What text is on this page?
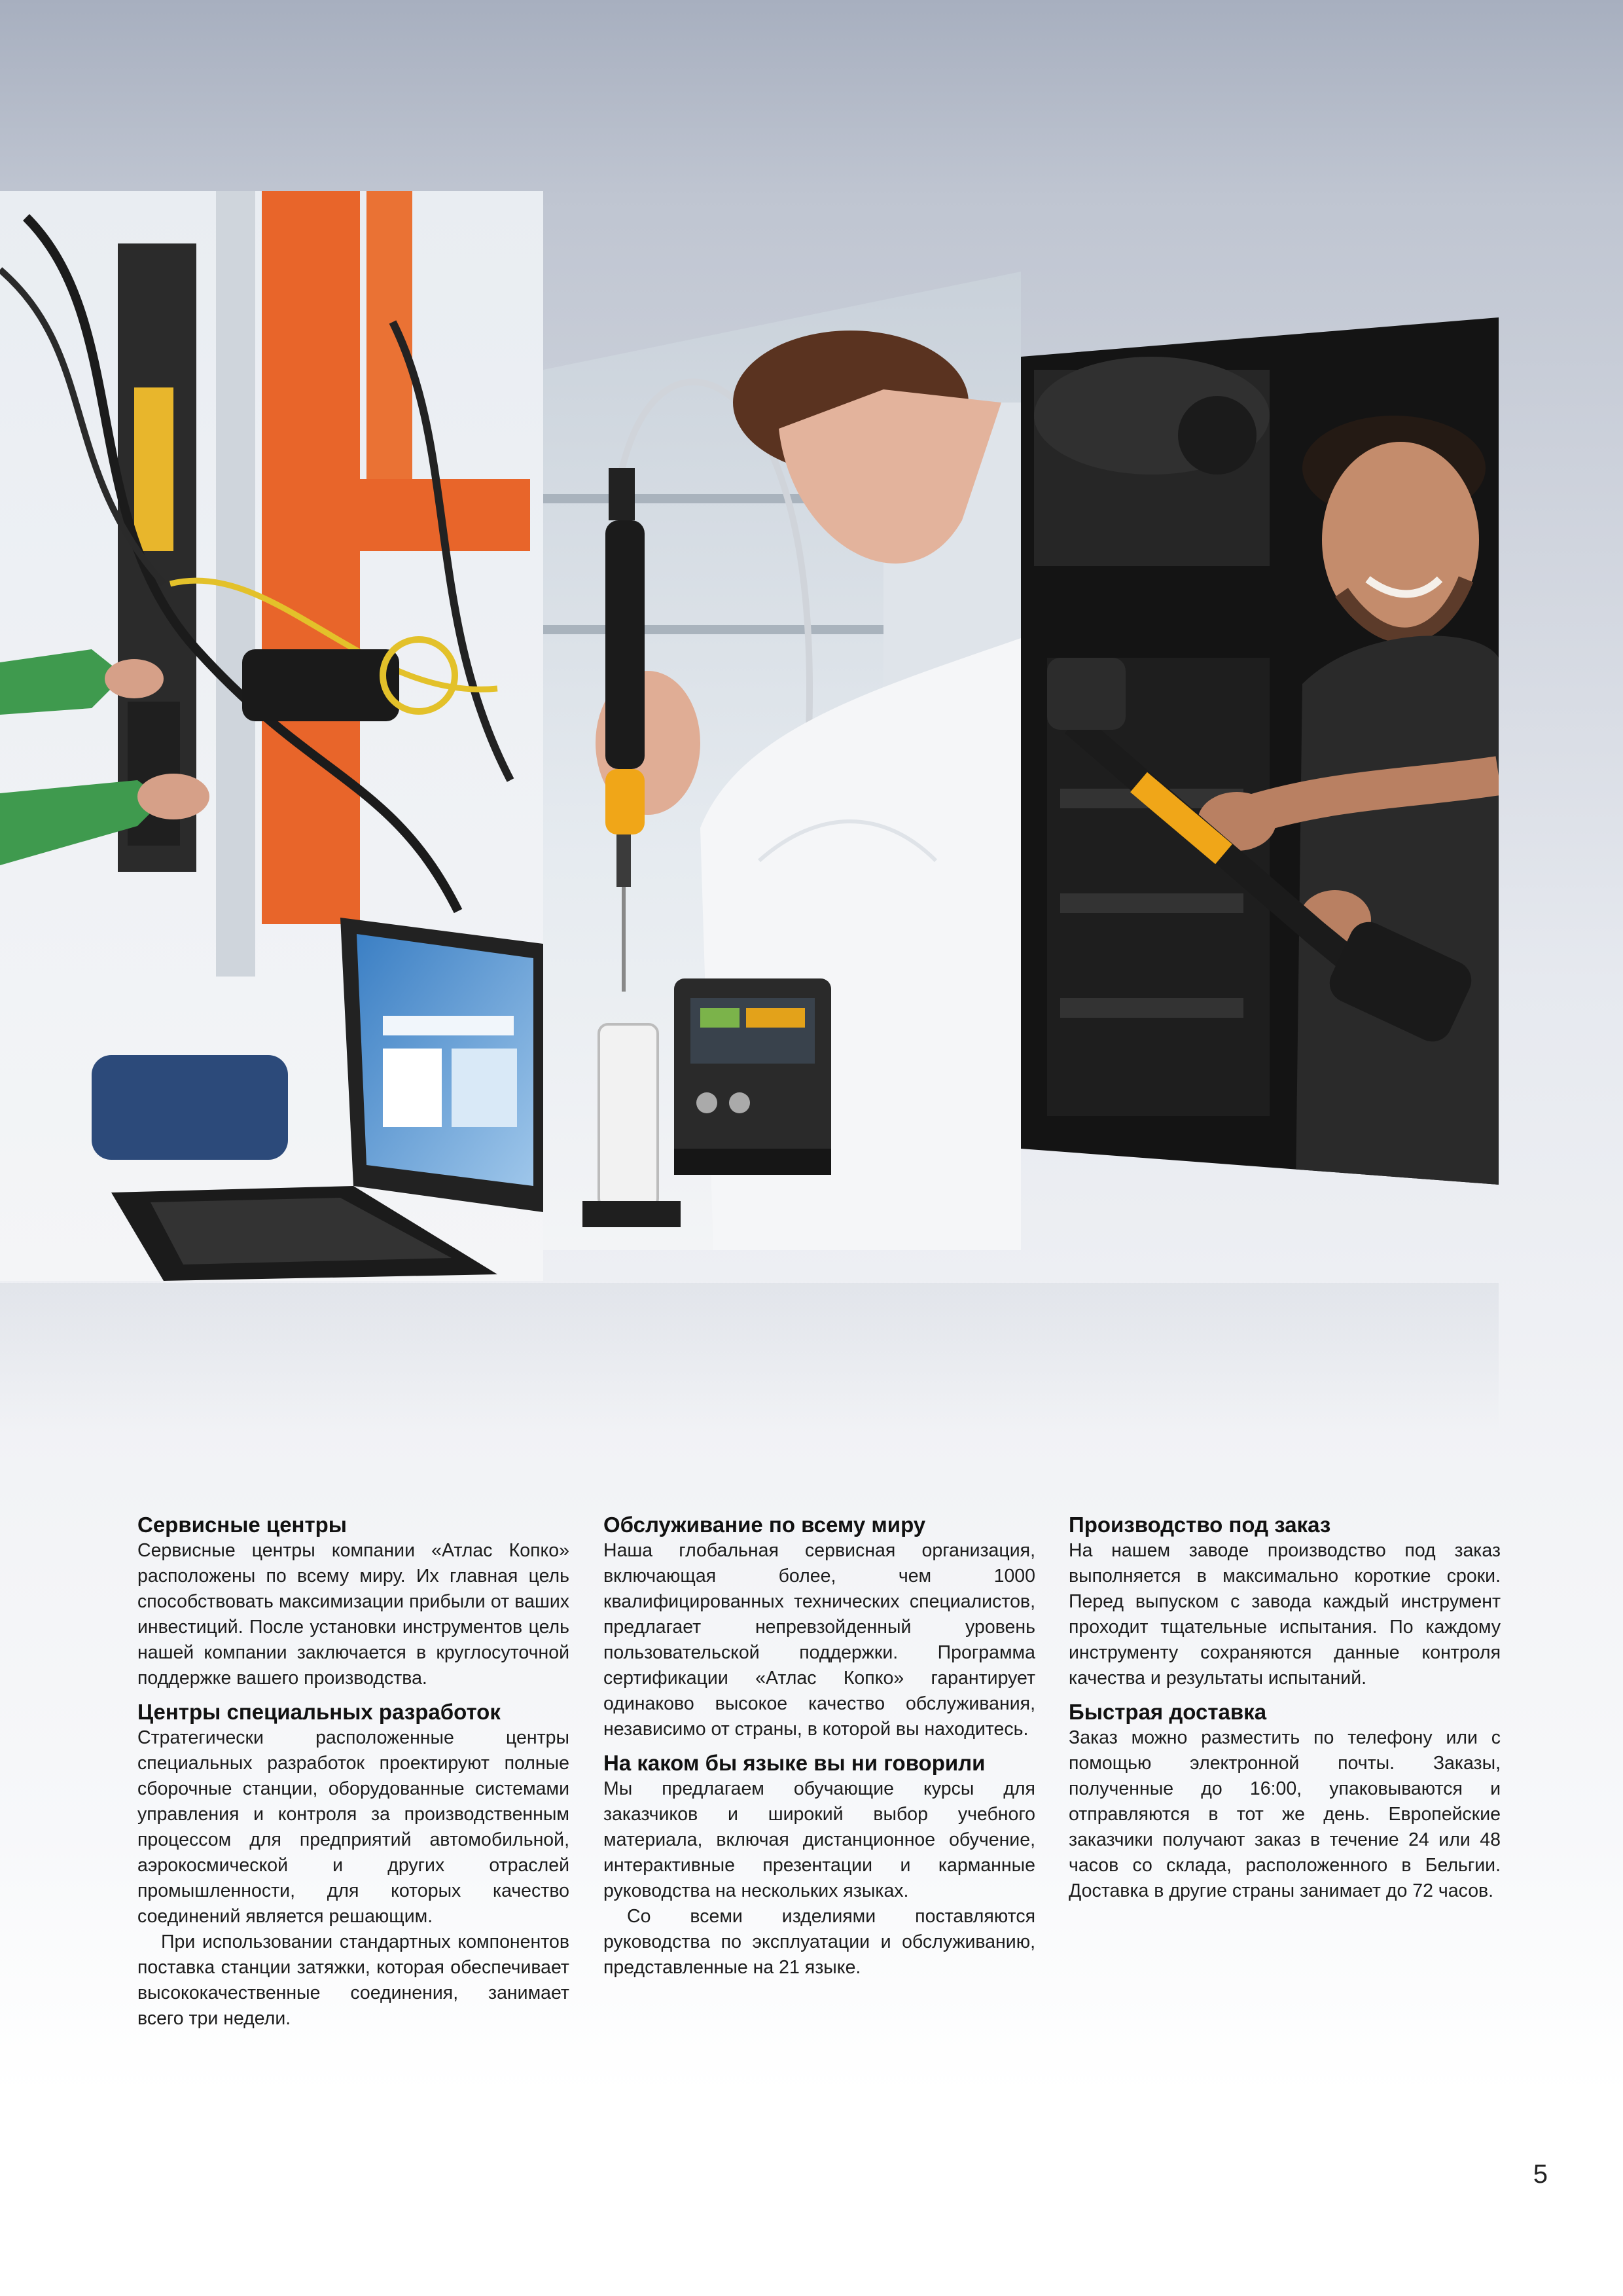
Сервисные центры

Сервисные центры компании «Атлас Копко» расположены по всему миру. Их главная цель способствовать максимизации прибыли от ваших инвестиций. После установки инструментов цель нашей компании заключается в круглосуточной поддержке вашего производства.

Центры специальных разработок

Стратегически расположенные центры специальных разработок проектируют полные сборочные станции, оборудованные системами управления и контроля за производственным процессом для предприятий автомобильной, аэрокосмической и других отраслей промышленности, для которых качество соединений является решающим.

При использовании стандартных компонентов поставка станции затяжки, которая обеспечивает высококачественные соединения, занимает всего три недели.

Обслуживание по всему миру

Наша глобальная сервисная организация, включающая более, чем 1000 квалифицированных технических специалистов, предлагает непревзойденный уровень пользовательской поддержки. Программа сертификации «Атлас Копко» гарантирует одинаково высокое качество обслуживания, независимо от страны, в которой вы находитесь.

На каком бы языке вы ни говорили

Мы предлагаем обучающие курсы для заказчиков и широкий выбор учебного материала, включая дистанционное обучение, интерактивные презентации и карманные руководства на нескольких языках.

Со всеми изделиями поставляются руководства по эксплуатации и обслуживанию, представленные на 21 языке.

Производство под заказ

На нашем заводе производство под заказ выполняется в максимально короткие сроки. Перед выпуском с завода каждый инструмент проходит тщательные испытания. По каждому инструменту сохраняются данные контроля качества и результаты испытаний.

Быстрая доставка

Заказ можно разместить по телефону или с помощью электронной почты. Заказы, полученные до 16:00, упаковываются и отправляются в тот же день. Европейские заказчики получают заказ в течение 24 или 48 часов со склада, расположенного в Бельгии. Доставка в другие страны занимает до 72 часов.

5
